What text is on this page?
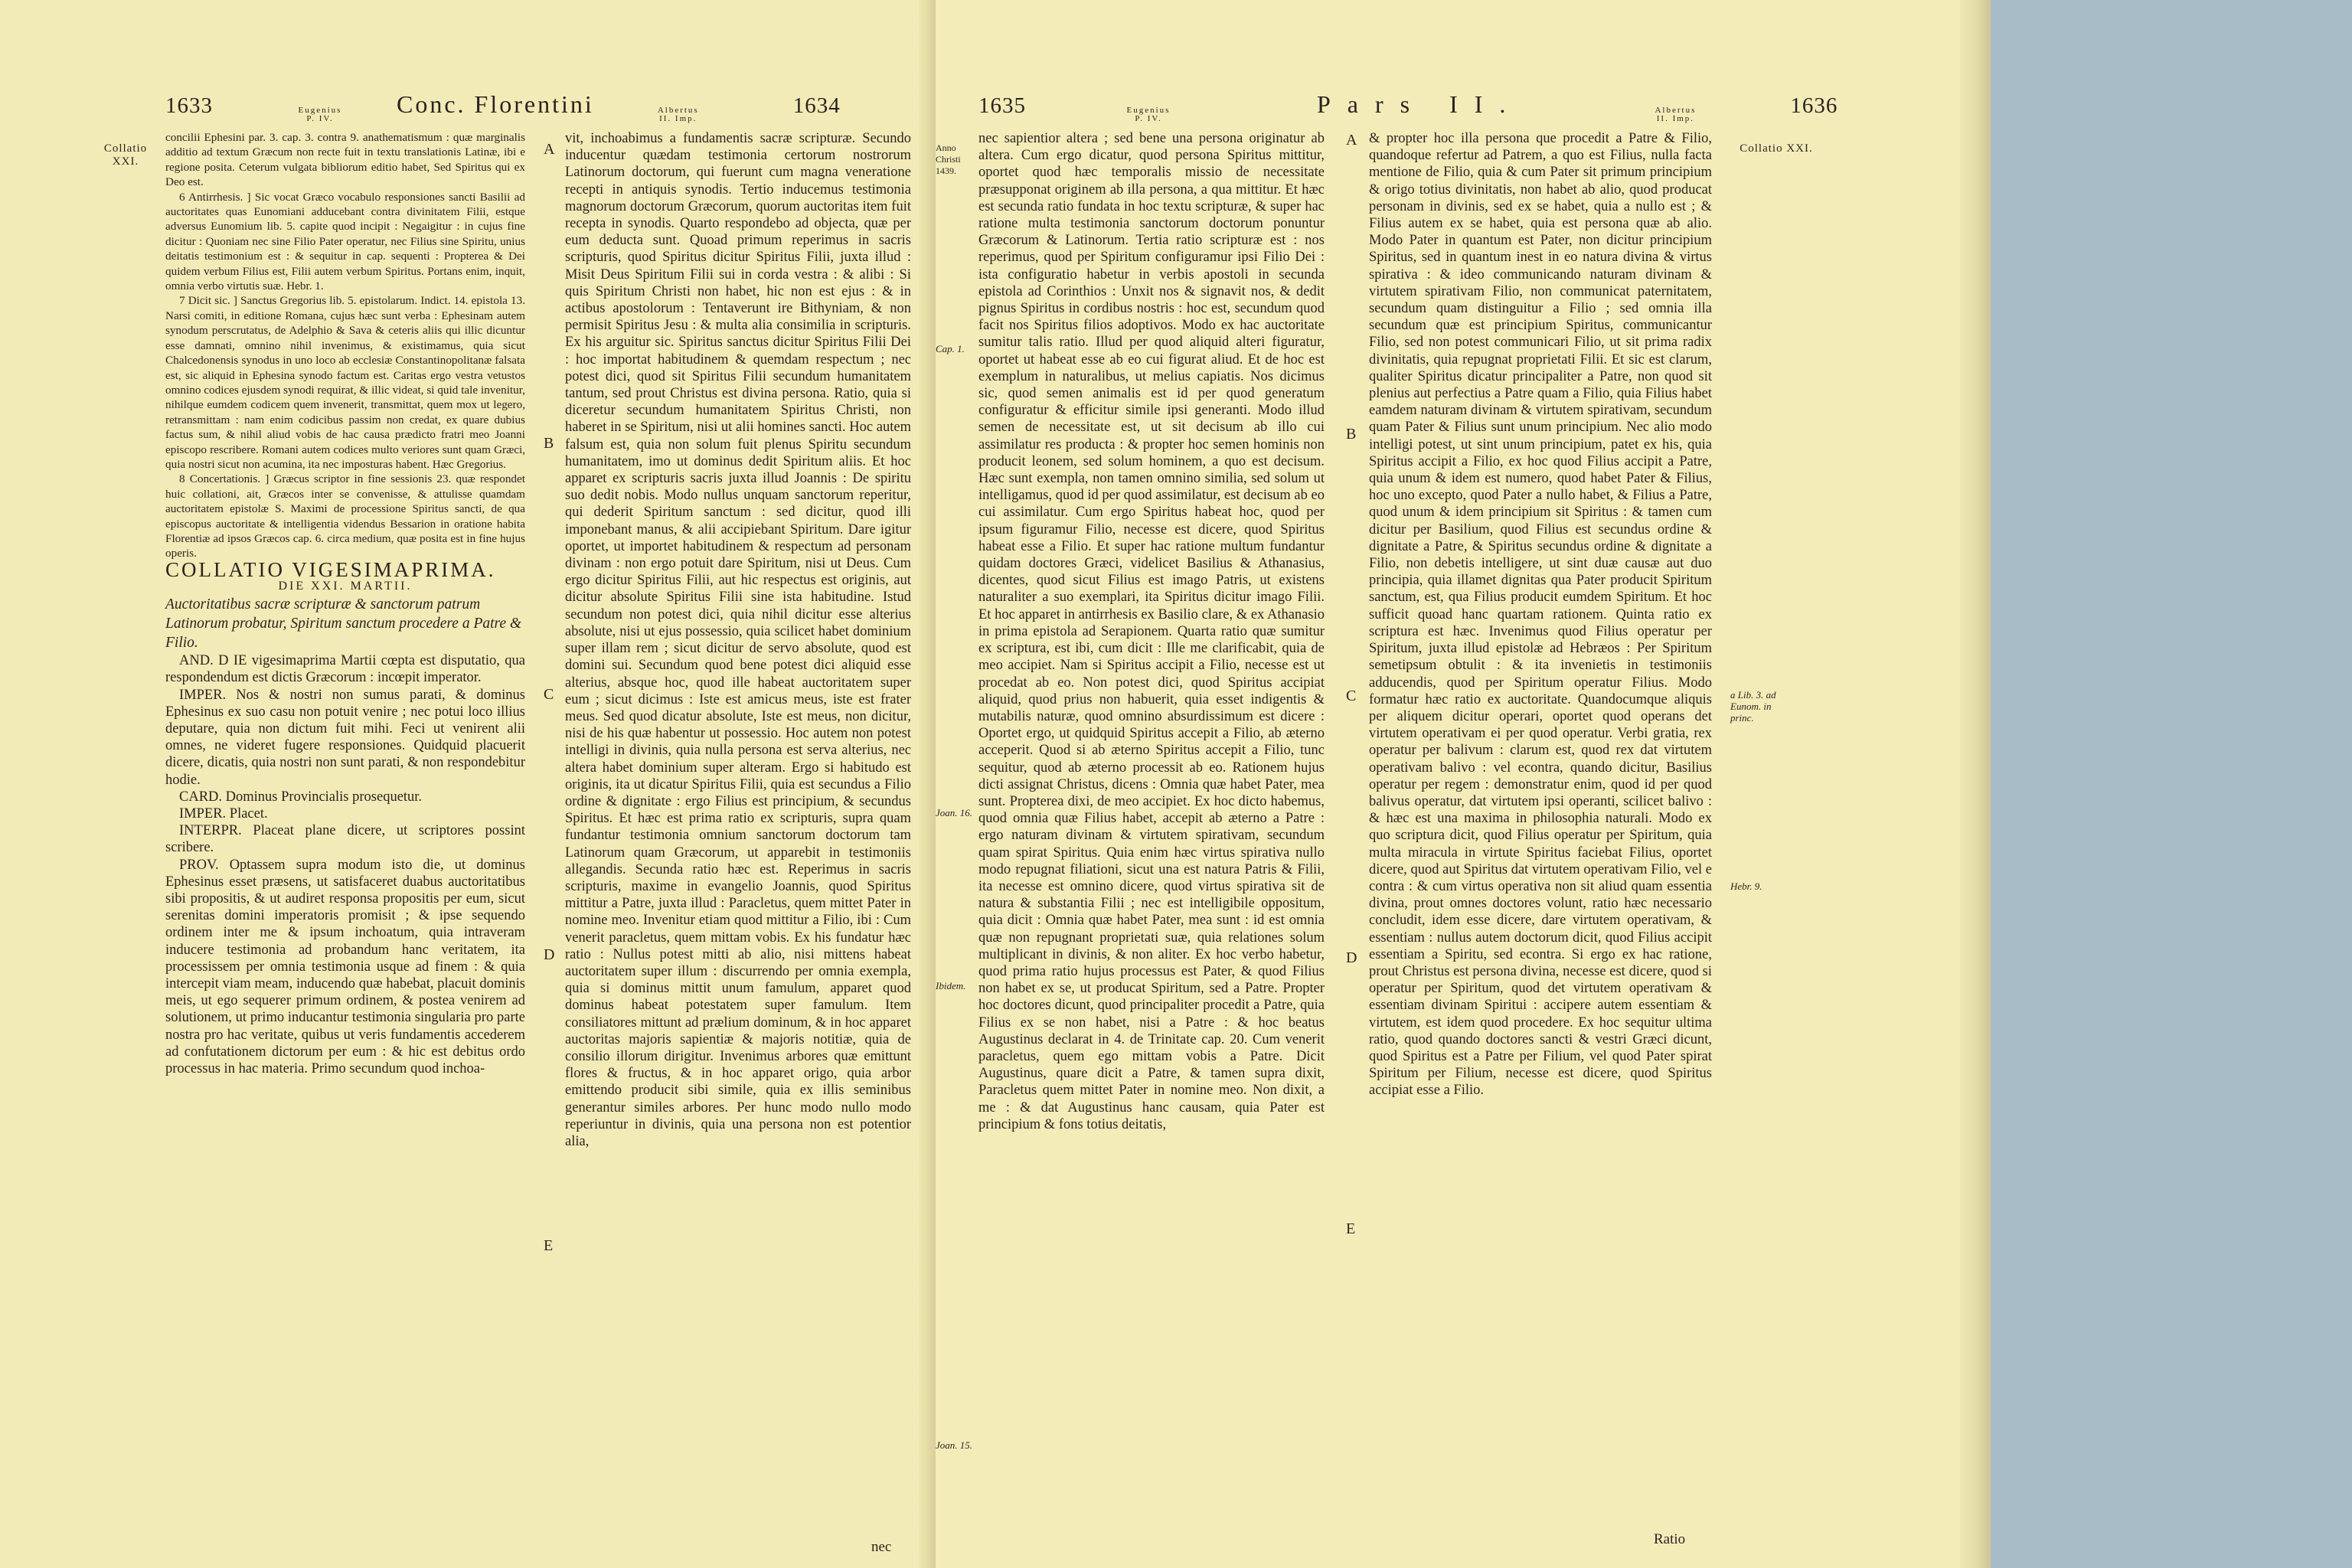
1633	Eugenius P. IV.
Conc. Florentini	Albertus II. Imp.
1634
Collatio XXI.

concilii Ephesini par. 3. cap. 3. contra 9. anathematismum : quæ marginalis additio ad textum Græcum non recte fuit in textu translationis Latinæ, ibi e regione posita. Ceterum vulgata bibliorum editio habet, Sed Spiritus qui ex Deo est.

6 Antirrhesis. ] Sic vocat Græco vocabulo responsiones sancti Basilii ad auctoritates quas Eunomiani adducebant contra divinitatem Filii, estque adversus Eunomium lib. 5. capite quod incipit : Negaigitur : in cujus fine dicitur : Quoniam nec sine Filio Pater operatur, nec Filius sine Spiritu, unius deitatis testimonium est : & sequitur in cap. sequenti : Propterea & Dei quidem verbum Filius est, Filii autem verbum Spiritus. Portans enim, inquit, omnia verbo virtutis suæ. Hebr. 1.

7 Dicit sic. ] Sanctus Gregorius lib. 5. epistolarum. Indict. 14. epistola 13. Narsi comiti, in editione Romana, cujus hæc sunt verba : Ephesinam autem synodum perscrutatus, de Adelphio & Sava & ceteris aliis qui illic dicuntur esse damnati, omnino nihil invenimus, & existimamus, quia sicut Chalcedonensis synodus in uno loco ab ecclesiæ Constantinopolitanæ falsata est, sic aliquid in Ephesina synodo factum est. Caritas ergo vestra vetustos omnino codices ejusdem synodi requirat, & illic videat, si quid tale invenitur, nihilque eumdem codicem quem invenerit, transmittat, quem mox ut legero, retransmittam : nam enim codicibus passim non credat, ex quare dubius factus sum, & nihil aliud vobis de hac causa prædicto fratri meo Joanni episcopo rescribere. Romani autem codices multo veriores sunt quam Græci, quia nostri sicut non acumina, ita nec imposturas habent. Hæc Gregorius.

8 Concertationis. ] Græcus scriptor in fine sessionis 23. quæ respondet huic collationi, ait, Græcos inter se convenisse, & attulisse quamdam auctoritatem epistolæ S. Maximi de processione Spiritus sancti, de qua episcopus auctoritate & intelligentia videndus Bessarion in oratione habita Florentiæ ad ipsos Græcos cap. 6. circa medium, quæ posita est in fine hujus operis.

COLLATIO VIGESIMAPRIMA.

DIE XXI. MARTII.

Auctoritatibus sacræ scripturæ & sanctorum patrum Latinorum probatur, Spiritum sanctum procedere a Patre & Filio.

AND. D IE vigesimaprima Martii cœpta est disputatio, qua respondendum est dictis Græcorum : incœpit imperator.

IMPER. Nos & nostri non sumus parati, & dominus Ephesinus ex suo casu non potuit venire ; nec potui loco illius deputare, quia non dictum fuit mihi. Feci ut venirent alii omnes, ne videret fugere responsiones. Quidquid placuerit dicere, dicatis, quia nostri non sunt parati, & non respondebitur hodie.

CARD. Dominus Provincialis prosequetur.

IMPER. Placet.

INTERPR. Placeat plane dicere, ut scriptores possint scribere.

PROV. Optassem supra modum isto die, ut dominus Ephesinus esset præsens, ut satisfaceret duabus auctoritatibus sibi propositis, & ut audiret responsa propositis per eum, sicut serenitas domini imperatoris promisit ; & ipse sequendo ordinem inter me & ipsum inchoatum, quia intraveram inducere testimonia ad probandum hanc veritatem, ita processissem per omnia testimonia usque ad finem : & quia intercepit viam meam, inducendo quæ habebat, placuit dominis meis, ut ego sequerer primum ordinem, & postea venirem ad solutionem, ut primo inducantur testimonia singularia pro parte nostra pro hac veritate, quibus ut veris fundamentis accederem ad confutationem dictorum per eum : & hic est debitus ordo processus in hac materia. Primo secundum quod inchoa-

A
B
C
D
E

vit, inchoabimus a fundamentis sacræ scripturæ. Secundo inducentur quædam testimonia certorum nostrorum Latinorum doctorum, qui fuerunt cum magna veneratione recepti in antiquis synodis. Tertio inducemus testimonia magnorum doctorum Græcorum, quorum auctoritas item fuit recepta in synodis. Quarto respondebo ad objecta, quæ per eum deducta sunt. Quoad primum reperimus in sacris scripturis, quod Spiritus dicitur Spiritus Filii, juxta illud : Misit Deus Spiritum Filii sui in corda vestra : & alibi : Si quis Spiritum Christi non habet, hic non est ejus : & in actibus apostolorum : Tentaverunt ire Bithyniam, & non permisit Spiritus Jesu : & multa alia consimilia in scripturis. Ex his arguitur sic. Spiritus sanctus dicitur Spiritus Filii Dei : hoc importat habitudinem & quemdam respectum ; nec potest dici, quod sit Spiritus Filii secundum humanitatem tantum, sed prout Christus est divina persona. Ratio, quia si diceretur secundum humanitatem Spiritus Christi, non haberet in se Spiritum, nisi ut alii homines sancti. Hoc autem falsum est, quia non solum fuit plenus Spiritu secundum humanitatem, imo ut dominus dedit Spiritum aliis. Et hoc apparet ex scripturis sacris juxta illud Joannis : De spiritu suo dedit nobis. Modo nullus unquam sanctorum reperitur, qui dederit Spiritum sanctum : sed dicitur, quod illi imponebant manus, & alii accipiebant Spiritum. Dare igitur oportet, ut importet habitudinem & respectum ad personam divinam : non ergo potuit dare Spiritum, nisi ut Deus. Cum ergo dicitur Spiritus Filii, aut hic respectus est originis, aut dicitur absolute Spiritus Filii sine ista habitudine. Istud secundum non potest dici, quia nihil dicitur esse alterius absolute, nisi ut ejus possessio, quia scilicet habet dominium super illam rem ; sicut dicitur de servo absolute, quod est domini sui. Secundum quod bene potest dici aliquid esse alterius, absque hoc, quod ille habeat auctoritatem super eum ; sicut dicimus : Iste est amicus meus, iste est frater meus. Sed quod dicatur absolute, Iste est meus, non dicitur, nisi de his quæ habentur ut possessio. Hoc autem non potest intelligi in divinis, quia nulla persona est serva alterius, nec altera habet dominium super alteram. Ergo si habitudo est originis, ita ut dicatur Spiritus Filii, quia est secundus a Filio ordine & dignitate : ergo Filius est principium, & secundus Spiritus. Et hæc est prima ratio ex scripturis, supra quam fundantur testimonia omnium sanctorum doctorum tam Latinorum quam Græcorum, ut apparebit in testimoniis allegandis. Secunda ratio hæc est. Reperimus in sacris scripturis, maxime in evangelio Joannis, quod Spiritus mittitur a Patre, juxta illud : Paracletus, quem mittet Pater in nomine meo. Invenitur etiam quod mittitur a Filio, ibi : Cum venerit paracletus, quem mittam vobis. Ex his fundatur hæc ratio : Nullus potest mitti ab alio, nisi mittens habeat auctoritatem super illum : discurrendo per omnia exempla, quia si dominus mittit unum famulum, apparet quod dominus habeat potestatem super famulum. Item consiliatores mittunt ad prælium dominum, & in hoc apparet auctoritas majoris sapientiæ & majoris notitiæ, quia de consilio illorum dirigitur. Invenimus arbores quæ emittunt flores & fructus, & in hoc apparet origo, quia arbor emittendo producit sibi simile, quia ex illis seminibus generantur similes arbores. Per hunc modo nullo modo reperiuntur in divinis, quia una persona non est potentior alia,

nec
Anno Christi 1439.
Cap. 1.
Joan. 16.
Ibidem.
Joan. 15.
1635	Eugenius P. IV.
Pars II.	Albertus II. Imp.
1636

nec sapientior altera ; sed bene una persona originatur ab altera. Cum ergo dicatur, quod persona Spiritus mittitur, oportet quod hæc temporalis missio de necessitate præsupponat originem ab illa persona, a qua mittitur. Et hæc est secunda ratio fundata in hoc textu scripturæ, & super hac ratione multa testimonia sanctorum doctorum ponuntur Græcorum & Latinorum. Tertia ratio scripturæ est : nos reperimus, quod per Spiritum configuramur ipsi Filio Dei : ista configuratio habetur in verbis apostoli in secunda epistola ad Corinthios : Unxit nos & signavit nos, & dedit pignus Spiritus in cordibus nostris : hoc est, secundum quod facit nos Spiritus filios adoptivos. Modo ex hac auctoritate sumitur talis ratio. Illud per quod aliquid alteri figuratur, oportet ut habeat esse ab eo cui figurat aliud. Et de hoc est exemplum in naturalibus, ut melius capiatis. Nos dicimus sic, quod semen animalis est id per quod generatum configuratur & efficitur simile ipsi generanti. Modo illud semen de necessitate est, ut sit decisum ab illo cui assimilatur res producta : & propter hoc semen hominis non producit leonem, sed solum hominem, a quo est decisum. Hæc sunt exempla, non tamen omnino similia, sed solum ut intelligamus, quod id per quod assimilatur, est decisum ab eo cui assimilatur. Cum ergo Spiritus habeat hoc, quod per ipsum figuramur Filio, necesse est dicere, quod Spiritus habeat esse a Filio. Et super hac ratione multum fundantur quidam doctores Græci, videlicet Basilius & Athanasius, dicentes, quod sicut Filius est imago Patris, ut existens naturaliter a suo exemplari, ita Spiritus dicitur imago Filii. Et hoc apparet in antirrhesis ex Basilio clare, & ex Athanasio in prima epistola ad Serapionem. Quarta ratio quæ sumitur ex scriptura, est ibi, cum dicit : Ille me clarificabit, quia de meo accipiet. Nam si Spiritus accipit a Filio, necesse est ut procedat ab eo. Non potest dici, quod Spiritus accipiat aliquid, quod prius non habuerit, quia esset indigentis & mutabilis naturæ, quod omnino absurdissimum est dicere : Oportet ergo, ut quidquid Spiritus accepit a Filio, ab æterno acceperit. Quod si ab æterno Spiritus accepit a Filio, tunc sequitur, quod ab æterno processit ab eo. Rationem hujus dicti assignat Christus, dicens : Omnia quæ habet Pater, mea sunt. Propterea dixi, de meo accipiet. Ex hoc dicto habemus, quod omnia quæ Filius habet, accepit ab æterno a Patre : ergo naturam divinam & virtutem spirativam, secundum quam spirat Spiritus. Quia enim hæc virtus spirativa nullo modo repugnat filiationi, sicut una est natura Patris & Filii, ita necesse est omnino dicere, quod virtus spirativa sit de natura & substantia Filii ; nec est intelligibile oppositum, quia dicit : Omnia quæ habet Pater, mea sunt : id est omnia quæ non repugnant proprietati suæ, quia relationes solum multiplicant in divinis, & non aliter. Ex hoc verbo habetur, quod prima ratio hujus processus est Pater, & quod Filius non habet ex se, ut producat Spiritum, sed a Patre. Propter hoc doctores dicunt, quod principaliter procedit a Patre, quia Filius ex se non habet, nisi a Patre : & hoc beatus Augustinus declarat in 4. de Trinitate cap. 20. Cum venerit paracletus, quem ego mittam vobis a Patre. Dicit Augustinus, quare dicit a Patre, & tamen supra dixit, Paracletus quem mittet Pater in nomine meo. Non dixit, a me : & dat Augustinus hanc causam, quia Pater est principium & fons totius deitatis,

A
B
C
D
E

& propter hoc illa persona que procedit a Patre & Filio, quandoque refertur ad Patrem, a quo est Filius, nulla facta mentione de Filio, quia & cum Pater sit primum principium & origo totius divinitatis, non habet ab alio, quod producat personam in divinis, sed ex se habet, quia a nullo est ; & Filius autem ex se habet, quia est persona quæ ab alio. Modo Pater in quantum est Pater, non dicitur principium Spiritus, sed in quantum inest in eo natura divina & virtus spirativa : & ideo communicando naturam divinam & virtutem spirativam Filio, non communicat paternitatem, secundum quam distinguitur a Filio ; sed omnia illa secundum quæ est principium Spiritus, communicantur Filio, sed non potest communicari Filio, ut sit prima radix divinitatis, quia repugnat proprietati Filii. Et sic est clarum, qualiter Spiritus dicatur principaliter a Patre, non quod sit plenius aut perfectius a Patre quam a Filio, quia Filius habet eamdem naturam divinam & virtutem spirativam, secundum quam Pater & Filius sunt unum principium. Nec alio modo intelligi potest, ut sint unum principium, patet ex his, quia Spiritus accipit a Filio, ex hoc quod Filius accipit a Patre, quia unum & idem est numero, quod habet Pater & Filius, hoc uno excepto, quod Pater a nullo habet, & Filius a Patre, quod unum & idem principium sit Spiritus : & tamen cum dicitur per Basilium, quod Filius est secundus ordine & dignitate a Patre, & Spiritus secundus ordine & dignitate a Filio, non debetis intelligere, ut sint duæ causæ aut duo principia, quia illamet dignitas qua Pater producit Spiritum sanctum, est, qua Filius producit eumdem Spiritum. Et hoc sufficit quoad hanc quartam rationem. Quinta ratio ex scriptura est hæc. Invenimus quod Filius operatur per Spiritum, juxta illud epistolæ ad Hebræos : Per Spiritum semetipsum obtulit : & ita invenietis in testimoniis adducendis, quod per Spiritum operatur Filius. Modo formatur hæc ratio ex auctoritate. Quandocumque aliquis per aliquem dicitur operari, oportet quod operans det virtutem operativam ei per quod operatur. Verbi gratia, rex operatur per balivum : clarum est, quod rex dat virtutem operativam balivo : vel econtra, quando dicitur, Basilius operatur per regem : demonstratur enim, quod id per quod balivus operatur, dat virtutem ipsi operanti, scilicet balivo : & hæc est una maxima in philosophia naturali. Modo ex quo scriptura dicit, quod Filius operatur per Spiritum, quia multa miracula in virtute Spiritus faciebat Filius, oportet dicere, quod aut Spiritus dat virtutem operativam Filio, vel e contra : & cum virtus operativa non sit aliud quam essentia divina, prout omnes doctores volunt, ratio hæc necessario concludit, idem esse dicere, dare virtutem operativam, & essentiam : nullus autem doctorum dicit, quod Filius accipit essentiam a Spiritu, sed econtra. Si ergo ex hac ratione, prout Christus est persona divina, necesse est dicere, quod si operatur per Spiritum, quod det virtutem operativam & essentiam divinam Spiritui : accipere autem essentiam & virtutem, est idem quod procedere. Ex hoc sequitur ultima ratio, quod quando doctores sancti & vestri Græci dicunt, quod Spiritus est a Patre per Filium, vel quod Pater spirat Spiritum per Filium, necesse est dicere, quod Spiritus accipiat esse a Filio.

Collatio XXI.
a Lib. 3. ad Eunom. in princ.
Hebr. 9.
Ratio
